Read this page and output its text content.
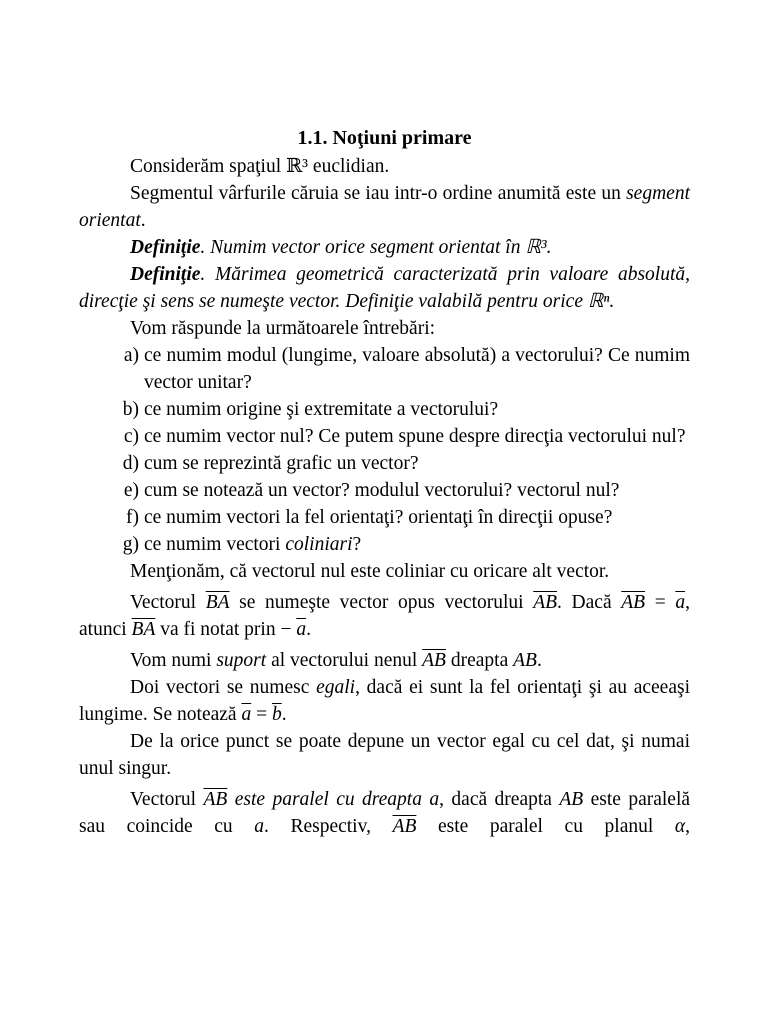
1.1. Noţiuni primare
Considerăm spaţiul ℝ³ euclidian.
Segmentul vârfurile căruia se iau intr-o ordine anumită este un segment orientat.
Definiţie. Numim vector orice segment orientat în ℝ³.
Definiţie. Mărimea geometrică caracterizată prin valoare absolută, direcţie şi sens se numeşte vector. Definiţie valabilă pentru orice ℝⁿ.
Vom răspunde la următoarele întrebări:
a) ce numim modul (lungime, valoare absolută) a vectorului? Ce numim vector unitar?
b) ce numim origine şi extremitate a vectorului?
c) ce numim vector nul? Ce putem spune despre direcţia vectorului nul?
d) cum se reprezintă grafic un vector?
e) cum se notează un vector? modulul vectorului? vectorul nul?
f) ce numim vectori la fel orientaţi? orientaţi în direcţii opuse?
g) ce numim vectori coliniari?
Menţionăm, că vectorul nul este coliniar cu oricare alt vector.
Vectorul $\overline{BA}$ se numeşte vector opus vectorului $\overline{AB}$. Dacă $\overline{AB} = \overline{a}$, atunci $\overline{BA}$ va fi notat prin − $\overline{a}$.
Vom numi suport al vectorului nenul $\overline{AB}$ dreapta AB.
Doi vectori se numesc egali, dacă ei sunt la fel orientaţi şi au aceeaşi lungime. Se notează $\overline{a} = \overline{b}$.
De la orice punct se poate depune un vector egal cu cel dat, şi numai unul singur.
Vectorul $\overline{AB}$ este paralel cu dreapta a, dacă dreapta AB este paralelă sau coincide cu a. Respectiv, $\overline{AB}$ este paralel cu planul α,
